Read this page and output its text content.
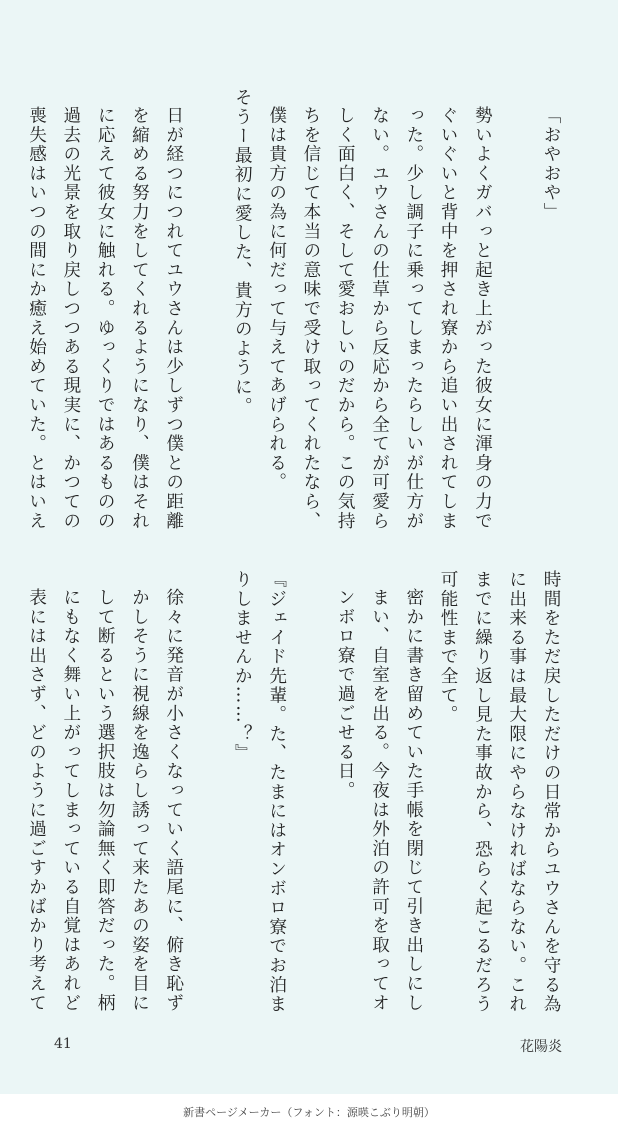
「おやおや」

勢いよくガバっと起き上がった彼女に渾身の力でぐいぐいと背中を押され寮から追い出されてしまった。少し調子に乗ってしまったらしいが仕方がない。ユウさんの仕草から反応から全てが可愛らしく面白く、そして愛おしいのだから。この気持ちを信じて本当の意味で受け取ってくれたなら、僕は貴方の為に何だって与えてあげられる。

そうー最初に愛した、貴方のように。

日が経つにつれてユウさんは少しずつ僕との距離を縮める努力をしてくれるようになり、僕はそれに応えて彼女に触れる。ゆっくりではあるものの過去の光景を取り戻しつつある現実に、かつての喪失感はいつの間にか癒え始めていた。とはいえ

時間をただ戻しただけの日常からユウさんを守る為に出来る事は最大限にやらなければならない。これまでに繰り返し見た事故から、恐らく起こるだろう可能性まで全て。

密かに書き留めていた手帳を閉じて引き出しにしまい、自室を出る。今夜は外泊の許可を取ってオンボロ寮で過ごせる日。

『ジェイド先輩。た、たまにはオンボロ寮でお泊まりしませんか……？』

徐々に発音が小さくなっていく語尾に、俯き恥ずかしそうに視線を逸らし誘って来たあの姿を目にして断るという選択肢は勿論無く即答だった。柄にもなく舞い上がってしまっている自覚はあれど表には出さず、どのように過ごすかばかり考えて

41	花陽炎
新書ページメーカー（フォント：源暎こぶり明朝）
